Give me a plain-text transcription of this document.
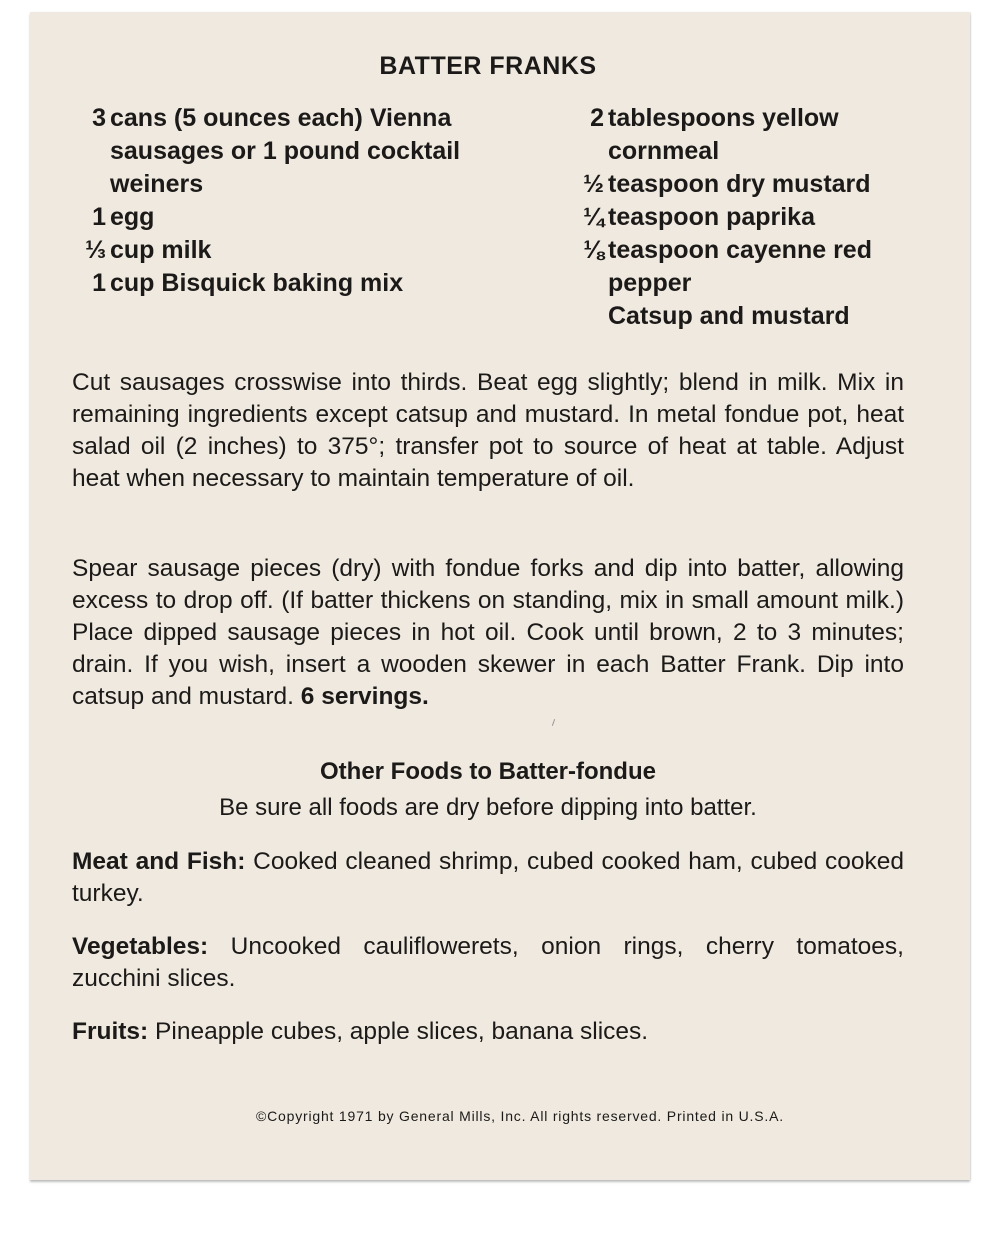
BATTER FRANKS
3 cans (5 ounces each) Vienna sausages or 1 pound cocktail weiners
1 egg
⅓ cup milk
1 cup Bisquick baking mix
2 tablespoons yellow cornmeal
½ teaspoon dry mustard
¼ teaspoon paprika
⅛ teaspoon cayenne red pepper
Catsup and mustard
Cut sausages crosswise into thirds. Beat egg slightly; blend in milk. Mix in remaining ingredients except catsup and mustard. In metal fondue pot, heat salad oil (2 inches) to 375°; transfer pot to source of heat at table. Adjust heat when necessary to maintain temperature of oil.
Spear sausage pieces (dry) with fondue forks and dip into batter, allowing excess to drop off. (If batter thickens on standing, mix in small amount milk.) Place dipped sausage pieces in hot oil. Cook until brown, 2 to 3 minutes; drain. If you wish, insert a wooden skewer in each Batter Frank. Dip into catsup and mustard. 6 servings.
Other Foods to Batter-fondue
Be sure all foods are dry before dipping into batter.
Meat and Fish: Cooked cleaned shrimp, cubed cooked ham, cubed cooked turkey.
Vegetables: Uncooked cauliflowerets, onion rings, cherry tomatoes, zucchini slices.
Fruits: Pineapple cubes, apple slices, banana slices.
©Copyright 1971 by General Mills, Inc. All rights reserved. Printed in U.S.A.
